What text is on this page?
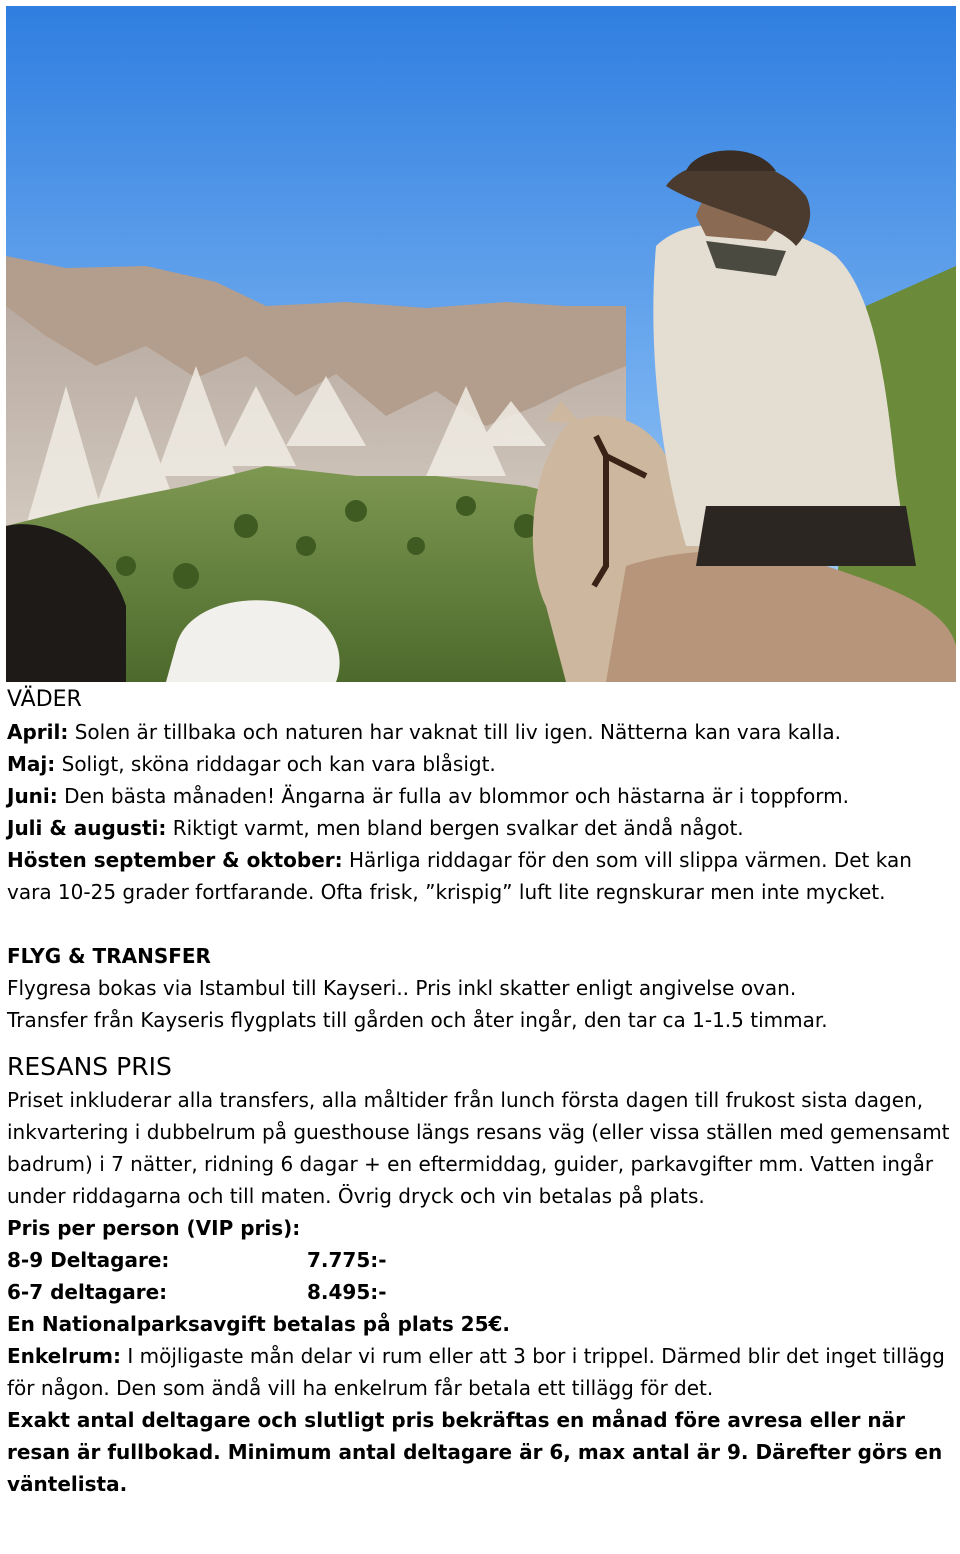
VÄDER
April: Solen är tillbaka och naturen har vaknat till liv igen. Nätterna kan vara kalla.
Maj: Soligt, sköna riddagar och kan vara blåsigt.
Juni: Den bästa månaden! Ängarna är fulla av blommor och hästarna är i toppform.
Juli & augusti: Riktigt varmt, men bland bergen svalkar det ändå något.
Hösten september & oktober: Härliga riddagar för den som vill slippa värmen. Det kan vara 10-25 grader fortfarande. Ofta frisk, ”krispig” luft lite regnskurar men inte mycket.
FLYG & TRANSFER
Flygresa bokas via Istambul till Kayseri.. Pris inkl skatter enligt angivelse ovan.
Transfer från Kayseris flygplats till gården och åter ingår, den tar ca 1-1.5 timmar.
RESANS PRIS
Priset inkluderar alla transfers, alla måltider från lunch första dagen till frukost sista dagen, inkvartering i dubbelrum på guesthouse längs resans väg (eller vissa ställen med gemensamt badrum) i 7 nätter, ridning 6 dagar + en eftermiddag, guider, parkavgifter mm. Vatten ingår under riddagarna och till maten. Övrig dryck och vin betalas på plats.
Pris per person (VIP pris):
8-9 Deltagare:	7.775:-
6-7 deltagare:	8.495:-
En Nationalparksavgift betalas på plats 25€.
Enkelrum: I möjligaste mån delar vi rum eller att 3 bor i trippel. Därmed blir det inget tillägg för någon. Den som ändå vill ha enkelrum får betala ett tillägg för det.
Exakt antal deltagare och slutligt pris bekräftas en månad före avresa eller när resan är fullbokad. Minimum antal deltagare är 6, max antal är 9. Därefter görs en väntelista.
